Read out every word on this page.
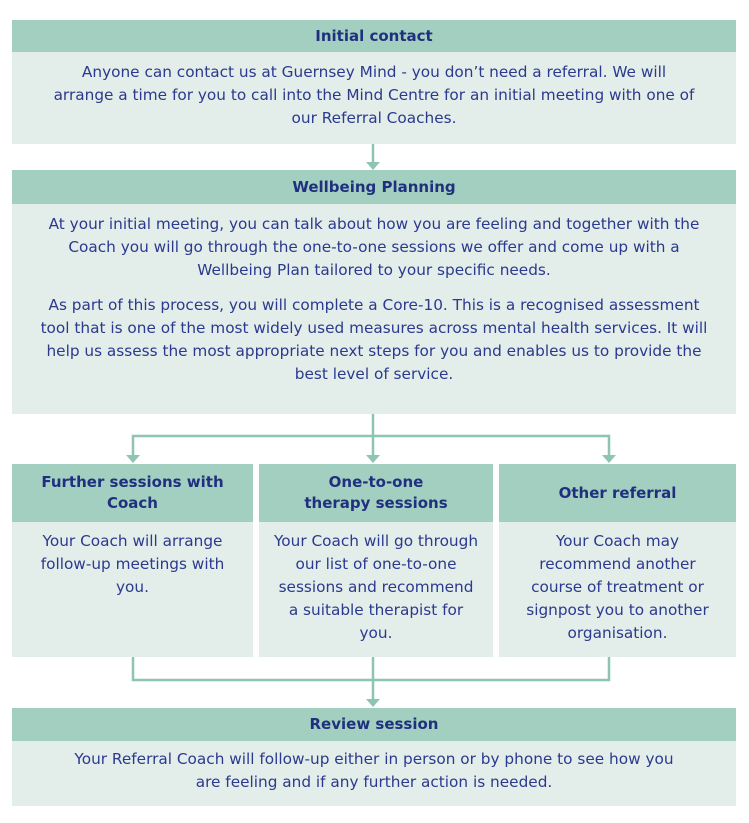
Initial contact

Anyone can contact us at Guernsey Mind - you don’t need a referral. We will arrange a time for you to call into the Mind Centre for an initial meeting with one of our Referral Coaches.

Wellbeing Planning

At your initial meeting, you can talk about how you are feeling and together with the Coach you will go through the one-to-one sessions we offer and come up with a Wellbeing Plan tailored to your specific needs.

As part of this process, you will complete a Core-10. This is a recognised assessment tool that is one of the most widely used measures across mental health services. It will help us assess the most appropriate next steps for you and enables us to provide the best level of service.

Further sessions with Coach
Your Coach will arrange follow-up meetings with you.
One-to-one therapy sessions
Your Coach will go through our list of one-to-one sessions and recommend a suitable therapist for you.
Other referral
Your Coach may recommend another course of treatment or signpost you to another organisation.
Review session

Your Referral Coach will follow-up either in person or by phone to see how you are feeling and if any further action is needed.
